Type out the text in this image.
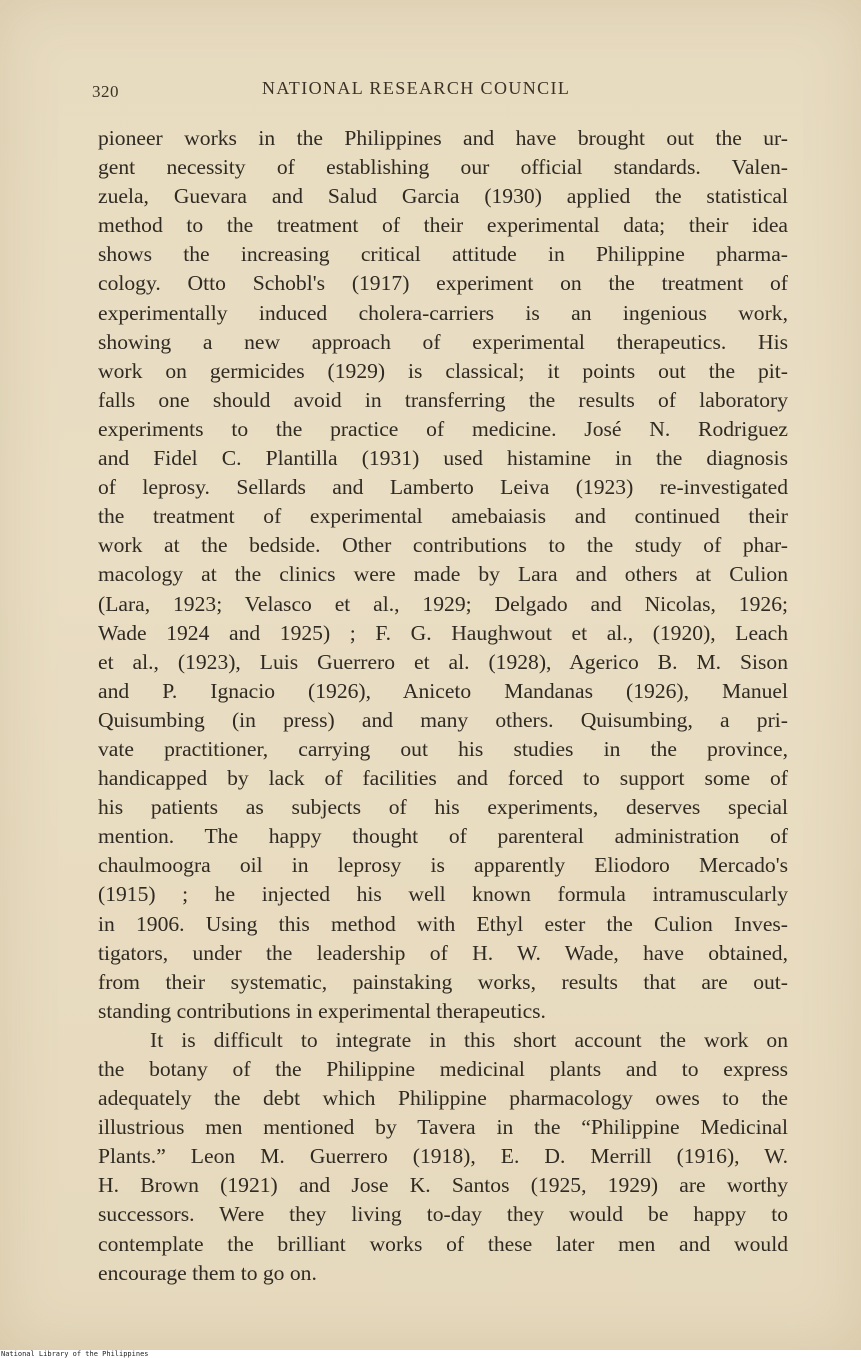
320	NATIONAL RESEARCH COUNCIL
pioneer works in the Philippines and have brought out the ur-
gent necessity of establishing our official standards. Valen-
zuela, Guevara and Salud Garcia (1930) applied the statistical
method to the treatment of their experimental data; their idea
shows the increasing critical attitude in Philippine pharma-
cology. Otto Schobl's (1917) experiment on the treatment of
experimentally induced cholera-carriers is an ingenious work,
showing a new approach of experimental therapeutics. His
work on germicides (1929) is classical; it points out the pit-
falls one should avoid in transferring the results of laboratory
experiments to the practice of medicine. José N. Rodriguez
and Fidel C. Plantilla (1931) used histamine in the diagnosis
of leprosy. Sellards and Lamberto Leiva (1923) re-investigated
the treatment of experimental amebaiasis and continued their
work at the bedside. Other contributions to the study of phar-
macology at the clinics were made by Lara and others at Culion
(Lara, 1923; Velasco et al., 1929; Delgado and Nicolas, 1926;
Wade 1924 and 1925) ; F. G. Haughwout et al., (1920), Leach
et al., (1923), Luis Guerrero et al. (1928), Agerico B. M. Sison
and P. Ignacio (1926), Aniceto Mandanas (1926), Manuel
Quisumbing (in press) and many others. Quisumbing, a pri-
vate practitioner, carrying out his studies in the province,
handicapped by lack of facilities and forced to support some of
his patients as subjects of his experiments, deserves special
mention. The happy thought of parenteral administration of
chaulmoogra oil in leprosy is apparently Eliodoro Mercado's
(1915) ; he injected his well known formula intramuscularly
in 1906. Using this method with Ethyl ester the Culion Inves-
tigators, under the leadership of H. W. Wade, have obtained,
from their systematic, painstaking works, results that are out-
standing contributions in experimental therapeutics.
It is difficult to integrate in this short account the work on
the botany of the Philippine medicinal plants and to express
adequately the debt which Philippine pharmacology owes to the
illustrious men mentioned by Tavera in the “Philippine Medicinal
Plants.” Leon M. Guerrero (1918), E. D. Merrill (1916), W.
H. Brown (1921) and Jose K. Santos (1925, 1929) are worthy
successors. Were they living to-day they would be happy to
contemplate the brilliant works of these later men and would
encourage them to go on.
National Library of the Philippines
